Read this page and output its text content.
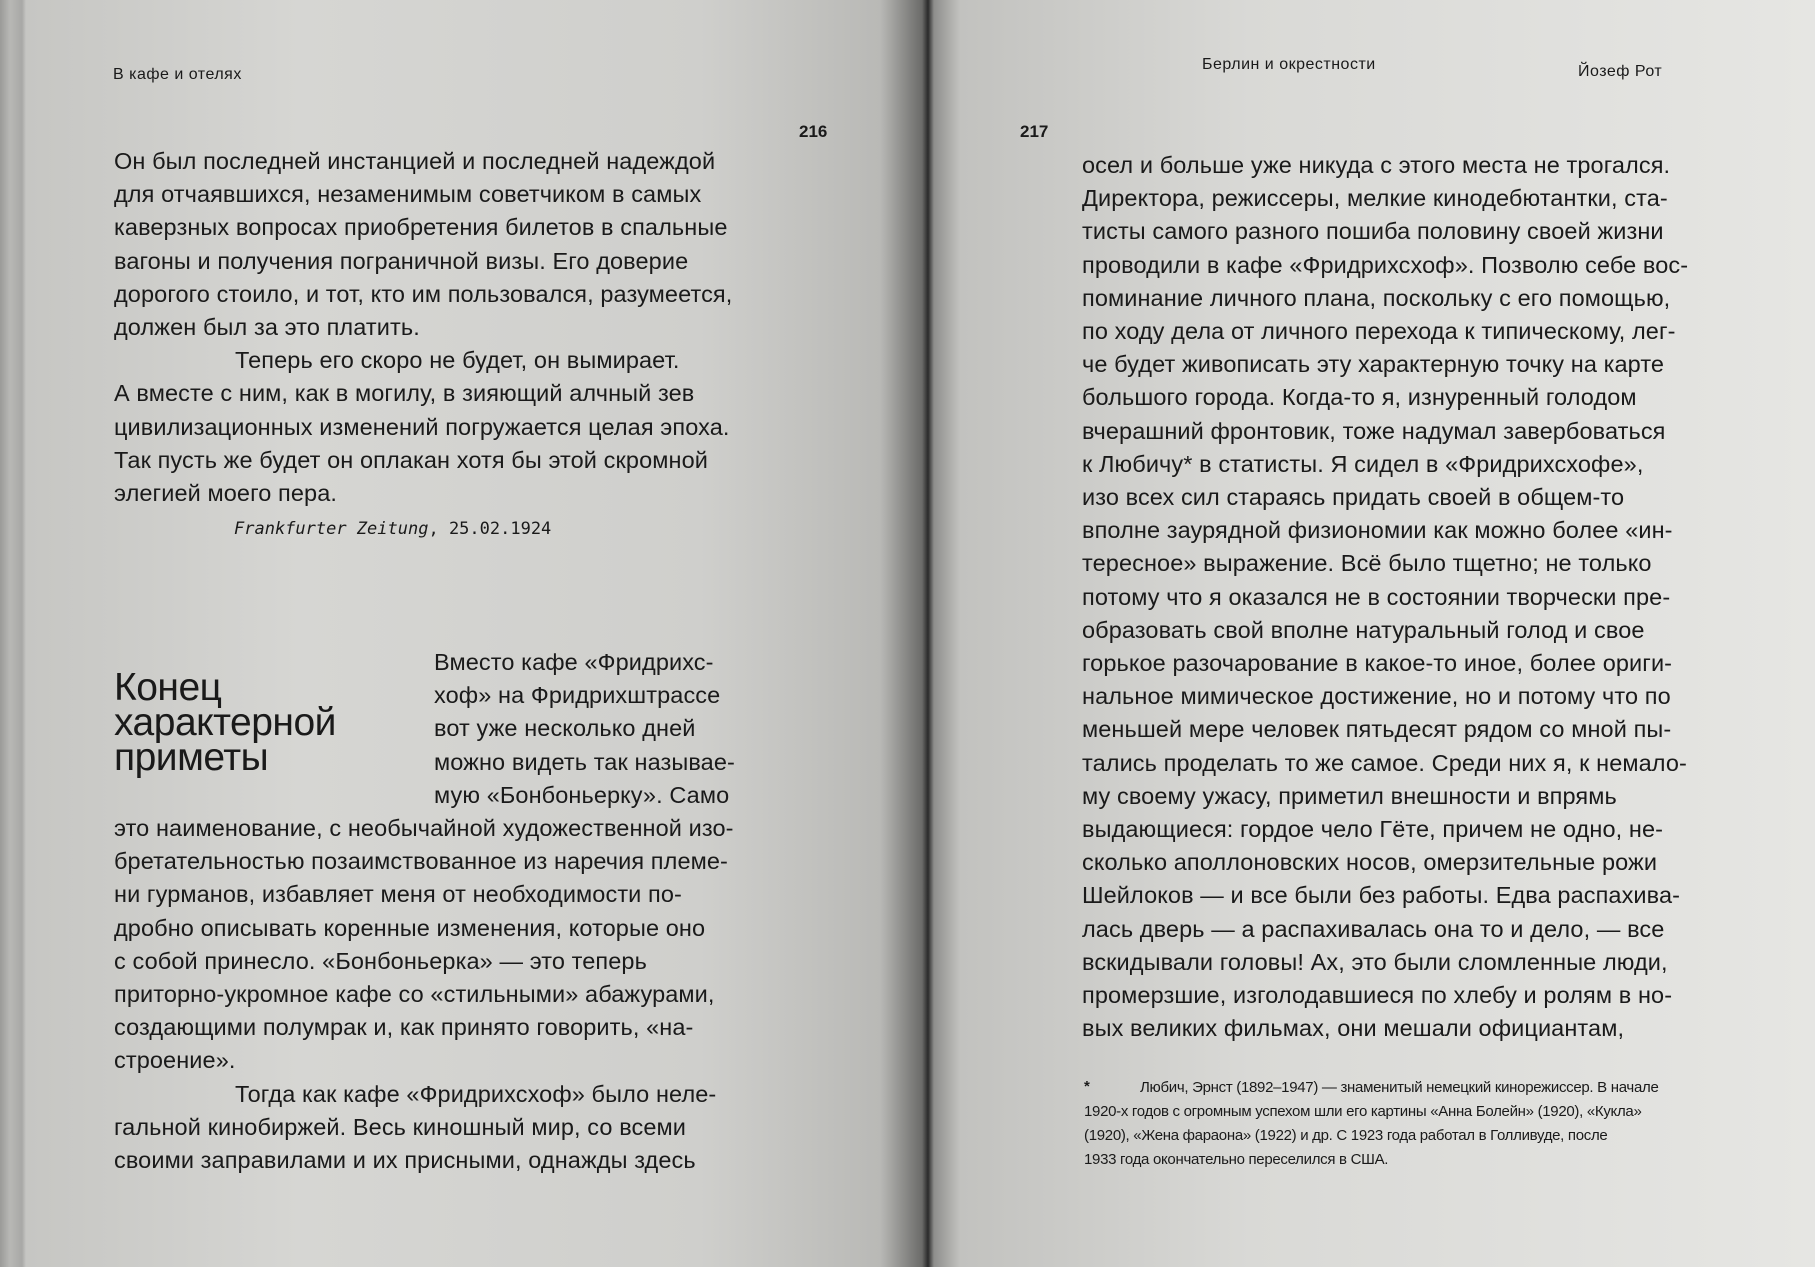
В кафе и отелях
216
Он был последней инстанцией и последней надеждой
для отчаявшихся, незаменимым советчиком в самых
каверзных вопросах приобретения билетов в спальные
вагоны и получения пограничной визы. Его доверие
дорогого стоило, и тот, кто им пользовался, разумеется,
должен был за это платить.
Теперь его скоро не будет, он вымирает.
А вместе с ним, как в могилу, в зияющий алчный зев
цивилизационных изменений погружается целая эпоха.
Так пусть же будет он оплакан хотя бы этой скромной
элегией моего пера.
Frankfurter Zeitung, 25.02.1924
Конец
характерной
приметы
Вместо кафе «Фридрихс-
хоф» на Фридрихштрассе
вот уже несколько дней
можно видеть так называе-
мую «Бонбоньерку». Само
это наименование, с необычайной художественной изо-
бретательностью позаимствованное из наречия племе-
ни гурманов, избавляет меня от необходимости по-
дробно описывать коренные изменения, которые оно
с собой принесло. «Бонбоньерка» — это теперь
приторно-укромное кафе со «стильными» абажурами,
создающими полумрак и, как принято говорить, «на-
строение».
Тогда как кафе «Фридрихсхоф» было неле-
гальной кинобиржей. Весь киношный мир, со всеми
своими заправилами и их присными, однажды здесь
Берлин и окрестности	Йозеф Рот
217
осел и больше уже никуда с этого места не трогался.
Директора, режиссеры, мелкие кинодебютантки, ста-
тисты самого разного пошиба половину своей жизни
проводили в кафе «Фридрихсхоф». Позволю себе вос-
поминание личного плана, поскольку с его помощью,
по ходу дела от личного перехода к типическому, лег-
че будет живописать эту характерную точку на карте
большого города. Когда-то я, изнуренный голодом
вчерашний фронтовик, тоже надумал завербоваться
к Любичу* в статисты. Я сидел в «Фридрихсхофе»,
изо всех сил стараясь придать своей в общем-то
вполне заурядной физиономии как можно более «ин-
тересное» выражение. Всё было тщетно; не только
потому что я оказался не в состоянии творчески пре-
образовать свой вполне натуральный голод и свое
горькое разочарование в какое-то иное, более ориги-
нальное мимическое достижение, но и потому что по
меньшей мере человек пятьдесят рядом со мной пы-
тались проделать то же самое. Среди них я, к немало-
му своему ужасу, приметил внешности и впрямь
выдающиеся: гордое чело Гёте, причем не одно, не-
сколько аполлоновских носов, омерзительные рожи
Шейлоков — и все были без работы. Едва распахива-
лась дверь — а распахивалась она то и дело, — все
вскидывали головы! Ах, это были сломленные люди,
промерзшие, изголодавшиеся по хлебу и ролям в но-
вых великих фильмах, они мешали официантам,
*	Любич, Эрнст (1892–1947) — знаменитый немецкий кинорежиссер. В начале
1920-х годов с огромным успехом шли его картины «Анна Болейн» (1920), «Кукла»
(1920), «Жена фараона» (1922) и др. С 1923 года работал в Голливуде, после
1933 года окончательно переселился в США.
